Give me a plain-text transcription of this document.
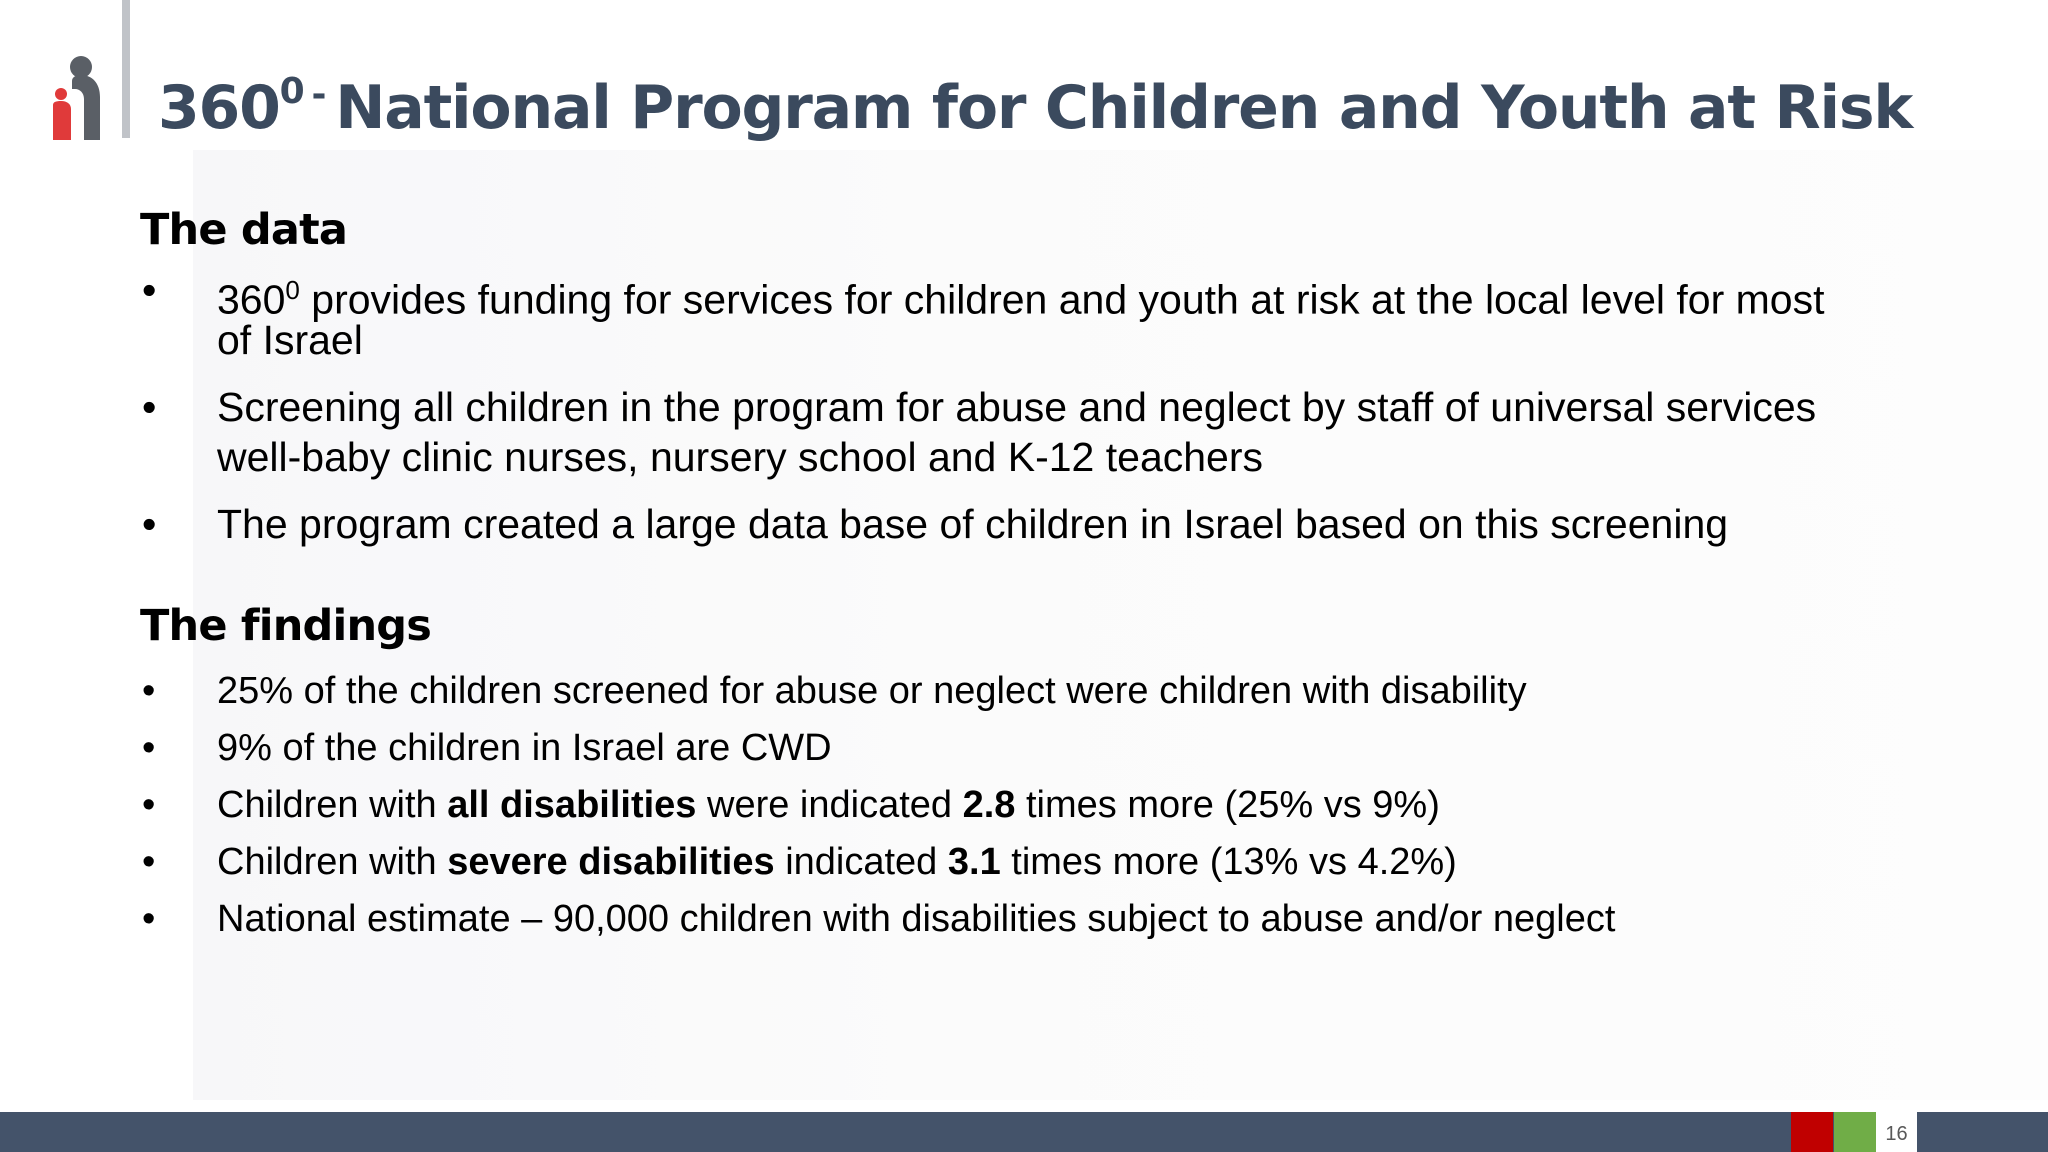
$360^0$ - National Program for Children and Youth at Risk
The data
• $360^0$ provides funding for services for children and youth at risk at the local level for most
of Israel
• Screening all children in the program for abuse and neglect by staff of universal services
well-baby clinic nurses, nursery school and K-12 teachers
• The program created a large data base of children in Israel based on this screening
The findings
• 25% of the children screened for abuse or neglect were children with disability
• 9% of the children in Israel are CWD
• Children with all disabilities were indicated 2.8 times more (25% vs 9%)
• Children with severe disabilities indicated 3.1 times more (13% vs 4.2%)
• National estimate – 90,000 children with disabilities subject to abuse and/or neglect
16
